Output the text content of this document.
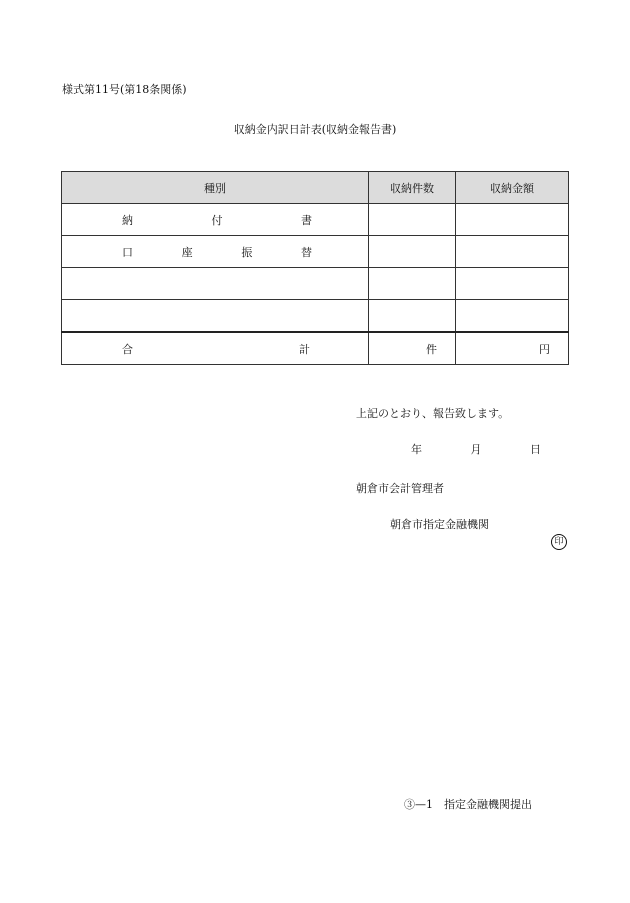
様式第11号(第18条関係)
収納金内訳日計表(収納金報告書)
種別	収納件数	収納金額

納 付 書		

口 座 振 替		

合 計	件	円
上記のとおり、報告致します。
年	月	日
朝倉市会計管理者
朝倉市指定金融機関
印
③—1　指定金融機関提出
